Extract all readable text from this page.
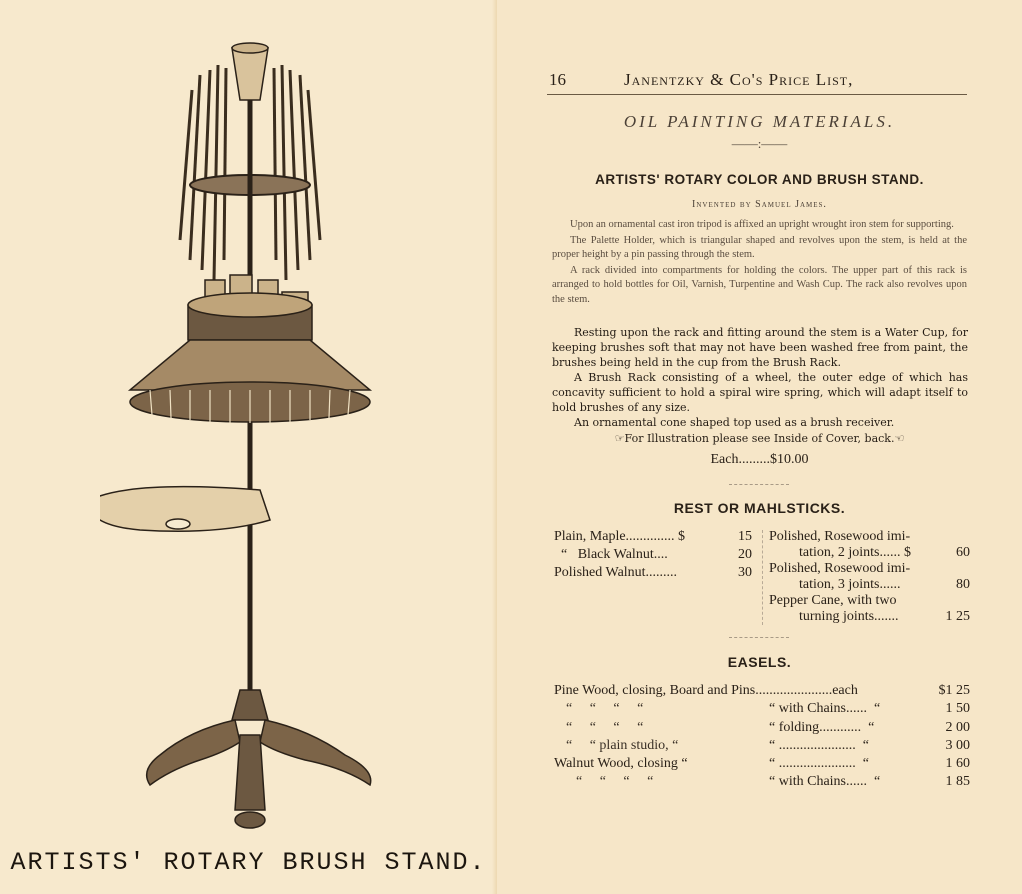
ARTISTS' ROTARY BRUSH STAND.
16	Janentzky & Co's Price List,
OIL PAINTING MATERIALS.
——:——
ARTISTS' ROTARY COLOR AND BRUSH STAND.
Invented by Samuel James.

Upon an ornamental cast iron tripod is affixed an upright wrought iron stem for supporting.

The Palette Holder, which is triangular shaped and revolves upon the stem, is held at the proper height by a pin passing through the stem.

A rack divided into compartments for holding the colors. The upper part of this rack is arranged to hold bottles for Oil, Varnish, Turpentine and Wash Cup. The rack also revolves upon the stem.

Resting upon the rack and fitting around the stem is a Water Cup, for keeping brushes soft that may not have been washed free from paint, the brushes being held in the cup from the Brush Rack.

A Brush Rack consisting of a wheel, the outer edge of which has concavity sufficient to hold a spiral wire spring, which will adapt itself to hold brushes of any size.

An ornamental cone shaped top used as a brush receiver.

☞For Illustration please see Inside of Cover, back.☜
Each.........$10.00
REST OR MAHLSTICKS.
Plain, Maple.............. $	15
“   Black Walnut....	20
Polished Walnut.........	30
Polished, Rosewood imi-
tation, 2 joints...... $	60
Polished, Rosewood imi-
tation, 3 joints......	80
Pepper Cane, with two
turning joints.......	1 25
EASELS.
Pine Wood, closing, Board and Pins......................each	$1 25
“     “     “     “	“ with Chains......  “	1 50
“     “     “     “	“ folding............  “	2 00
“     “ plain studio, “	“ ......................  “	3 00
Walnut Wood, closing “	“ ......................  “	1 60
“     “     “     “	“ with Chains......  “	1 85
